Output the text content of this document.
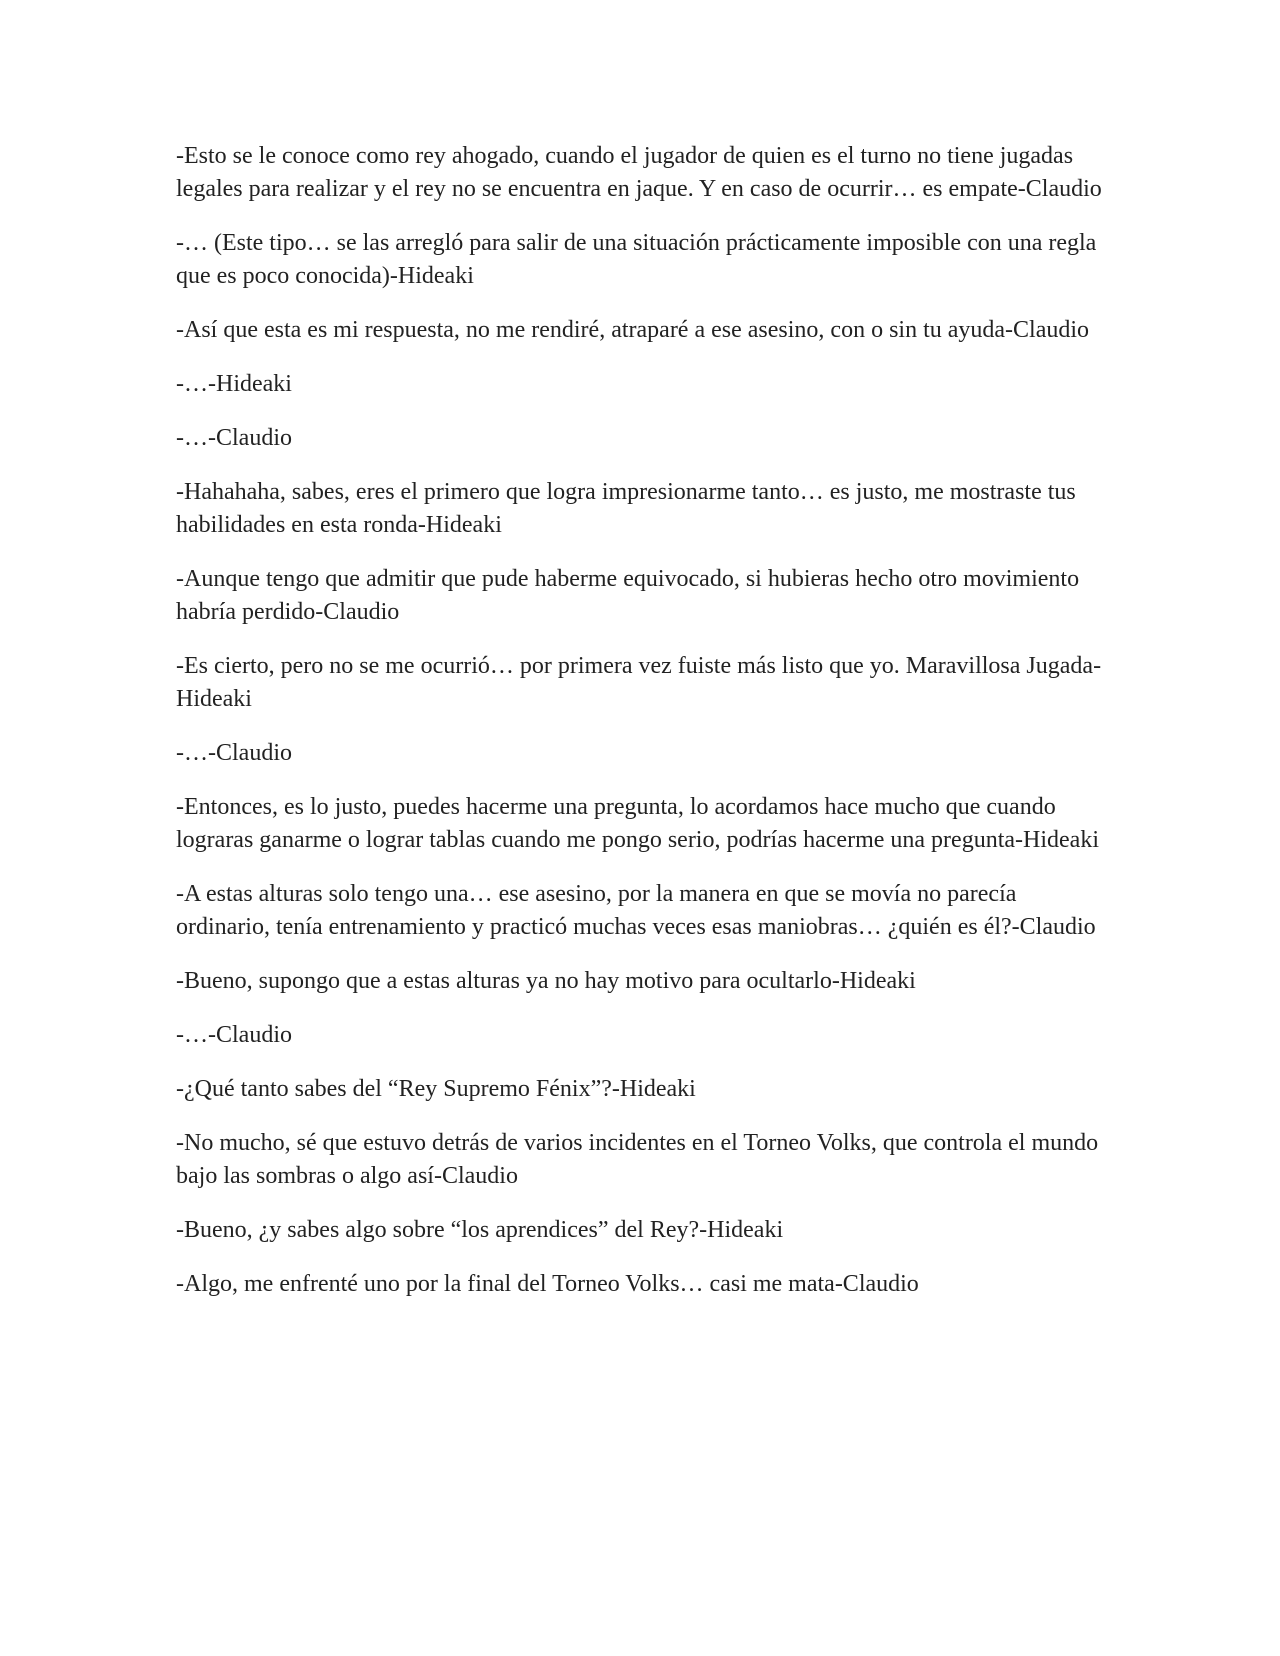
-Esto se le conoce como rey ahogado, cuando el jugador de quien es el turno no tiene jugadas legales para realizar y el rey no se encuentra en jaque. Y en caso de ocurrir… es empate-Claudio

-… (Este tipo… se las arregló para salir de una situación prácticamente imposible con una regla que es poco conocida)-Hideaki

-Así que esta es mi respuesta, no me rendiré, atraparé a ese asesino, con o sin tu ayuda-Claudio

-…-Hideaki

-…-Claudio

-Hahahaha, sabes, eres el primero que logra impresionarme tanto… es justo, me mostraste tus habilidades en esta ronda-Hideaki

-Aunque tengo que admitir que pude haberme equivocado, si hubieras hecho otro movimiento habría perdido-Claudio

-Es cierto, pero no se me ocurrió… por primera vez fuiste más listo que yo. Maravillosa Jugada-Hideaki

-…-Claudio

-Entonces, es lo justo, puedes hacerme una pregunta, lo acordamos hace mucho que cuando lograras ganarme o lograr tablas cuando me pongo serio, podrías hacerme una pregunta-Hideaki

-A estas alturas solo tengo una… ese asesino, por la manera en que se movía no parecía ordinario, tenía entrenamiento y practicó muchas veces esas maniobras… ¿quién es él?-Claudio

-Bueno, supongo que a estas alturas ya no hay motivo para ocultarlo-Hideaki

-…-Claudio

-¿Qué tanto sabes del “Rey Supremo Fénix”?-Hideaki

-No mucho, sé que estuvo detrás de varios incidentes en el Torneo Volks, que controla el mundo bajo las sombras o algo así-Claudio

-Bueno, ¿y sabes algo sobre “los aprendices” del Rey?-Hideaki

-Algo, me enfrenté uno por la final del Torneo Volks… casi me mata-Claudio
